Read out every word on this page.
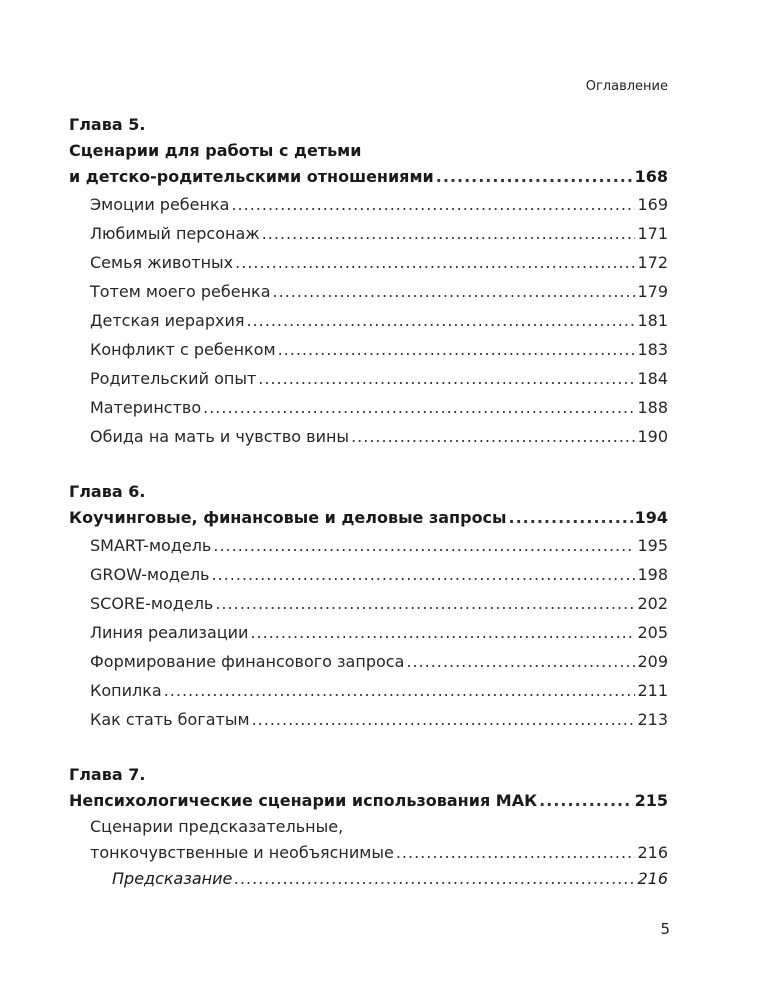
Оглавление
Глава 5.
Сценарии для работы с детьми
и детско-родительскими отношениями .....	168
Эмоции ребенка .....	169
Любимый персонаж .....	171
Семья животных .....	172
Тотем моего ребенка .....	179
Детская иерархия .....	181
Конфликт с ребенком .....	183
Родительский опыт .....	184
Материнство .....	188
Обида на мать и чувство вины .....	190
Глава 6.
Коучинговые, финансовые и деловые запросы .....	194
SMART-модель .....	195
GROW-модель .....	198
SCORE-модель .....	202
Линия реализации .....	205
Формирование финансового запроса .....	209
Копилка .....	211
Как стать богатым .....	213
Глава 7.
Непсихологические сценарии использования МАК .....	215
Сценарии предсказательные,
тонкочувственные и необъяснимые .....	216
Предсказание .....	216
5
